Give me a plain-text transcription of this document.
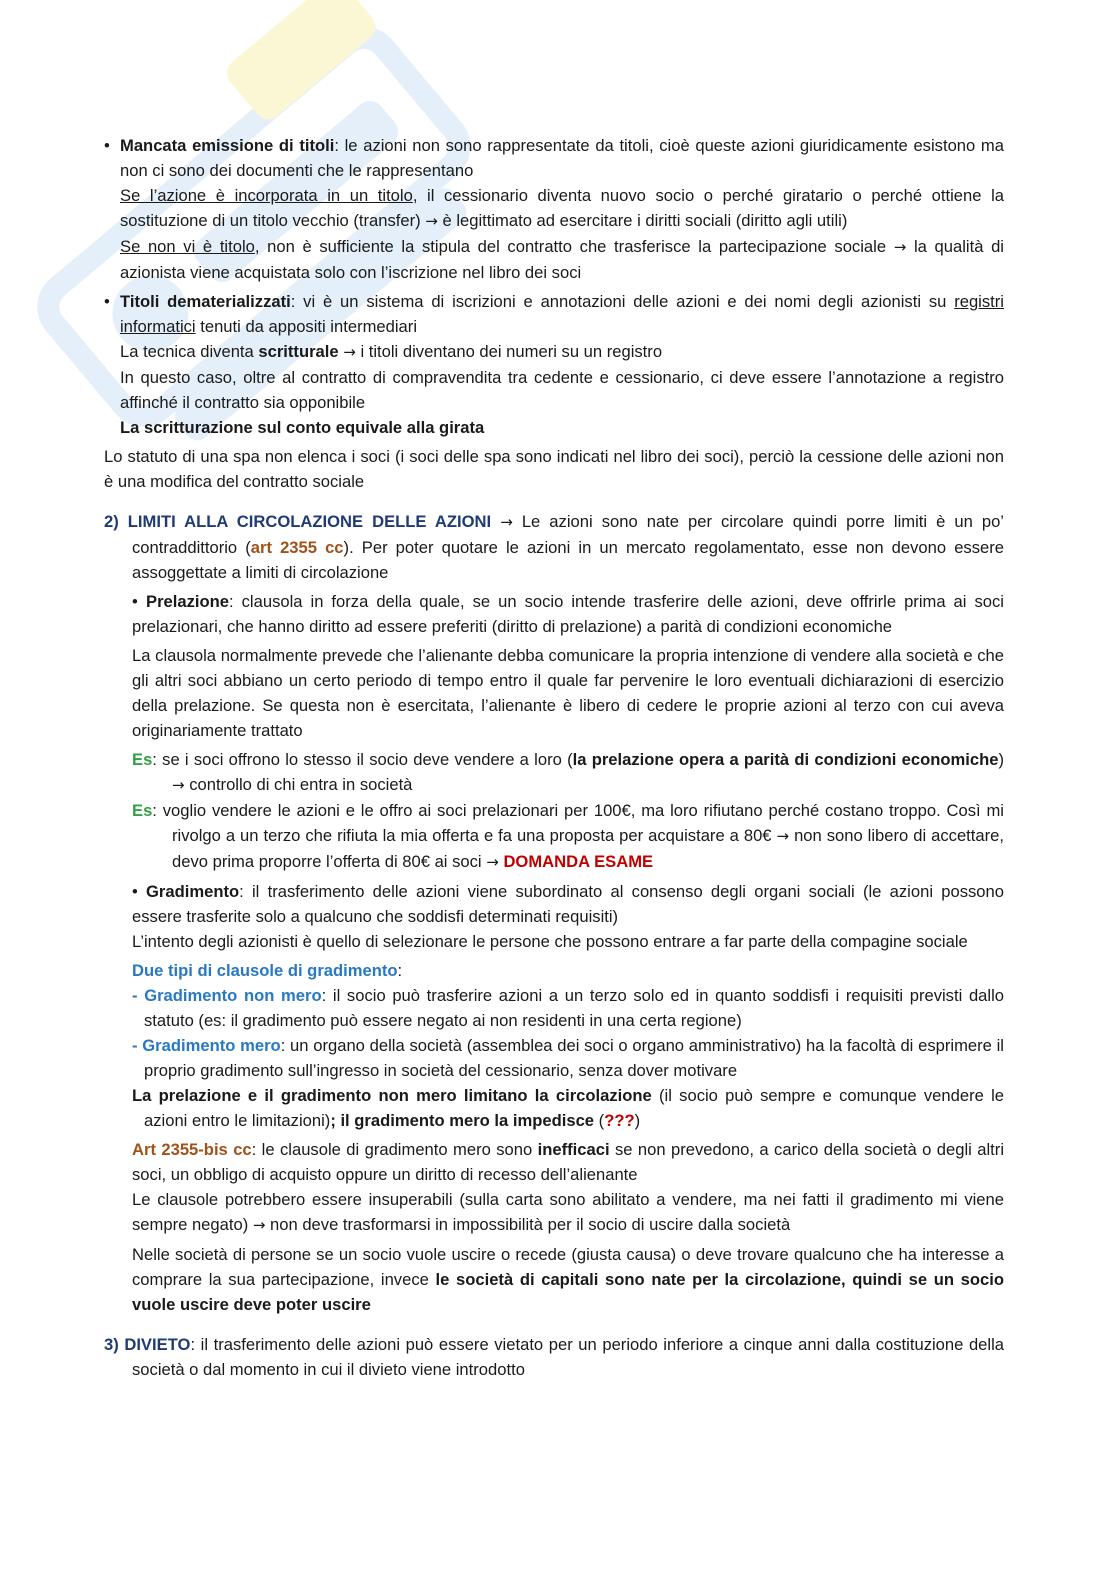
• Mancata emissione di titoli: le azioni non sono rappresentate da titoli, cioè queste azioni giuridicamente esistono ma non ci sono dei documenti che le rappresentano

Se l’azione è incorporata in un titolo, il cessionario diventa nuovo socio o perché giratario o perché ottiene la sostituzione di un titolo vecchio (transfer) → è legittimato ad esercitare i diritti sociali (diritto agli utili)

Se non vi è titolo, non è sufficiente la stipula del contratto che trasferisce la partecipazione sociale → la qualità di azionista viene acquistata solo con l’iscrizione nel libro dei soci

• Titoli dematerializzati: vi è un sistema di iscrizioni e annotazioni delle azioni e dei nomi degli azionisti su registri informatici tenuti da appositi intermediari

La tecnica diventa scritturale → i titoli diventano dei numeri su un registro

In questo caso, oltre al contratto di compravendita tra cedente e cessionario, ci deve essere l’annotazione a registro affinché il contratto sia opponibile

La scritturazione sul conto equivale alla girata

Lo statuto di una spa non elenca i soci (i soci delle spa sono indicati nel libro dei soci), perciò la cessione delle azioni non è una modifica del contratto sociale

2) LIMITI ALLA CIRCOLAZIONE DELLE AZIONI → Le azioni sono nate per circolare quindi porre limiti è un po’ contraddittorio (art 2355 cc). Per poter quotare le azioni in un mercato regolamentato, esse non devono essere assoggettate a limiti di circolazione

• Prelazione: clausola in forza della quale, se un socio intende trasferire delle azioni, deve offrirle prima ai soci prelazionari, che hanno diritto ad essere preferiti (diritto di prelazione) a parità di condizioni economiche

La clausola normalmente prevede che l’alienante debba comunicare la propria intenzione di vendere alla società e che gli altri soci abbiano un certo periodo di tempo entro il quale far pervenire le loro eventuali dichiarazioni di esercizio della prelazione. Se questa non è esercitata, l’alienante è libero di cedere le proprie azioni al terzo con cui aveva originariamente trattato

Es: se i soci offrono lo stesso il socio deve vendere a loro (la prelazione opera a parità di condizioni economiche) → controllo di chi entra in società

Es: voglio vendere le azioni e le offro ai soci prelazionari per 100€, ma loro rifiutano perché costano troppo. Così mi rivolgo a un terzo che rifiuta la mia offerta e fa una proposta per acquistare a 80€ → non sono libero di accettare, devo prima proporre l’offerta di 80€ ai soci → DOMANDA ESAME

• Gradimento: il trasferimento delle azioni viene subordinato al consenso degli organi sociali (le azioni possono essere trasferite solo a qualcuno che soddisfi determinati requisiti)

L’intento degli azionisti è quello di selezionare le persone che possono entrare a far parte della compagine sociale

Due tipi di clausole di gradimento:

- Gradimento non mero: il socio può trasferire azioni a un terzo solo ed in quanto soddisfi i requisiti previsti dallo statuto (es: il gradimento può essere negato ai non residenti in una certa regione)

- Gradimento mero: un organo della società (assemblea dei soci o organo amministrativo) ha la facoltà di esprimere il proprio gradimento sull’ingresso in società del cessionario, senza dover motivare

La prelazione e il gradimento non mero limitano la circolazione (il socio può sempre e comunque vendere le azioni entro le limitazioni); il gradimento mero la impedisce (???)

Art 2355-bis cc: le clausole di gradimento mero sono inefficaci se non prevedono, a carico della società o degli altri soci, un obbligo di acquisto oppure un diritto di recesso dell’alienante

Le clausole potrebbero essere insuperabili (sulla carta sono abilitato a vendere, ma nei fatti il gradimento mi viene sempre negato) → non deve trasformarsi in impossibilità per il socio di uscire dalla società

Nelle società di persone se un socio vuole uscire o recede (giusta causa) o deve trovare qualcuno che ha interesse a comprare la sua partecipazione, invece le società di capitali sono nate per la circolazione, quindi se un socio vuole uscire deve poter uscire

3) DIVIETO: il trasferimento delle azioni può essere vietato per un periodo inferiore a cinque anni dalla costituzione della società o dal momento in cui il divieto viene introdotto
